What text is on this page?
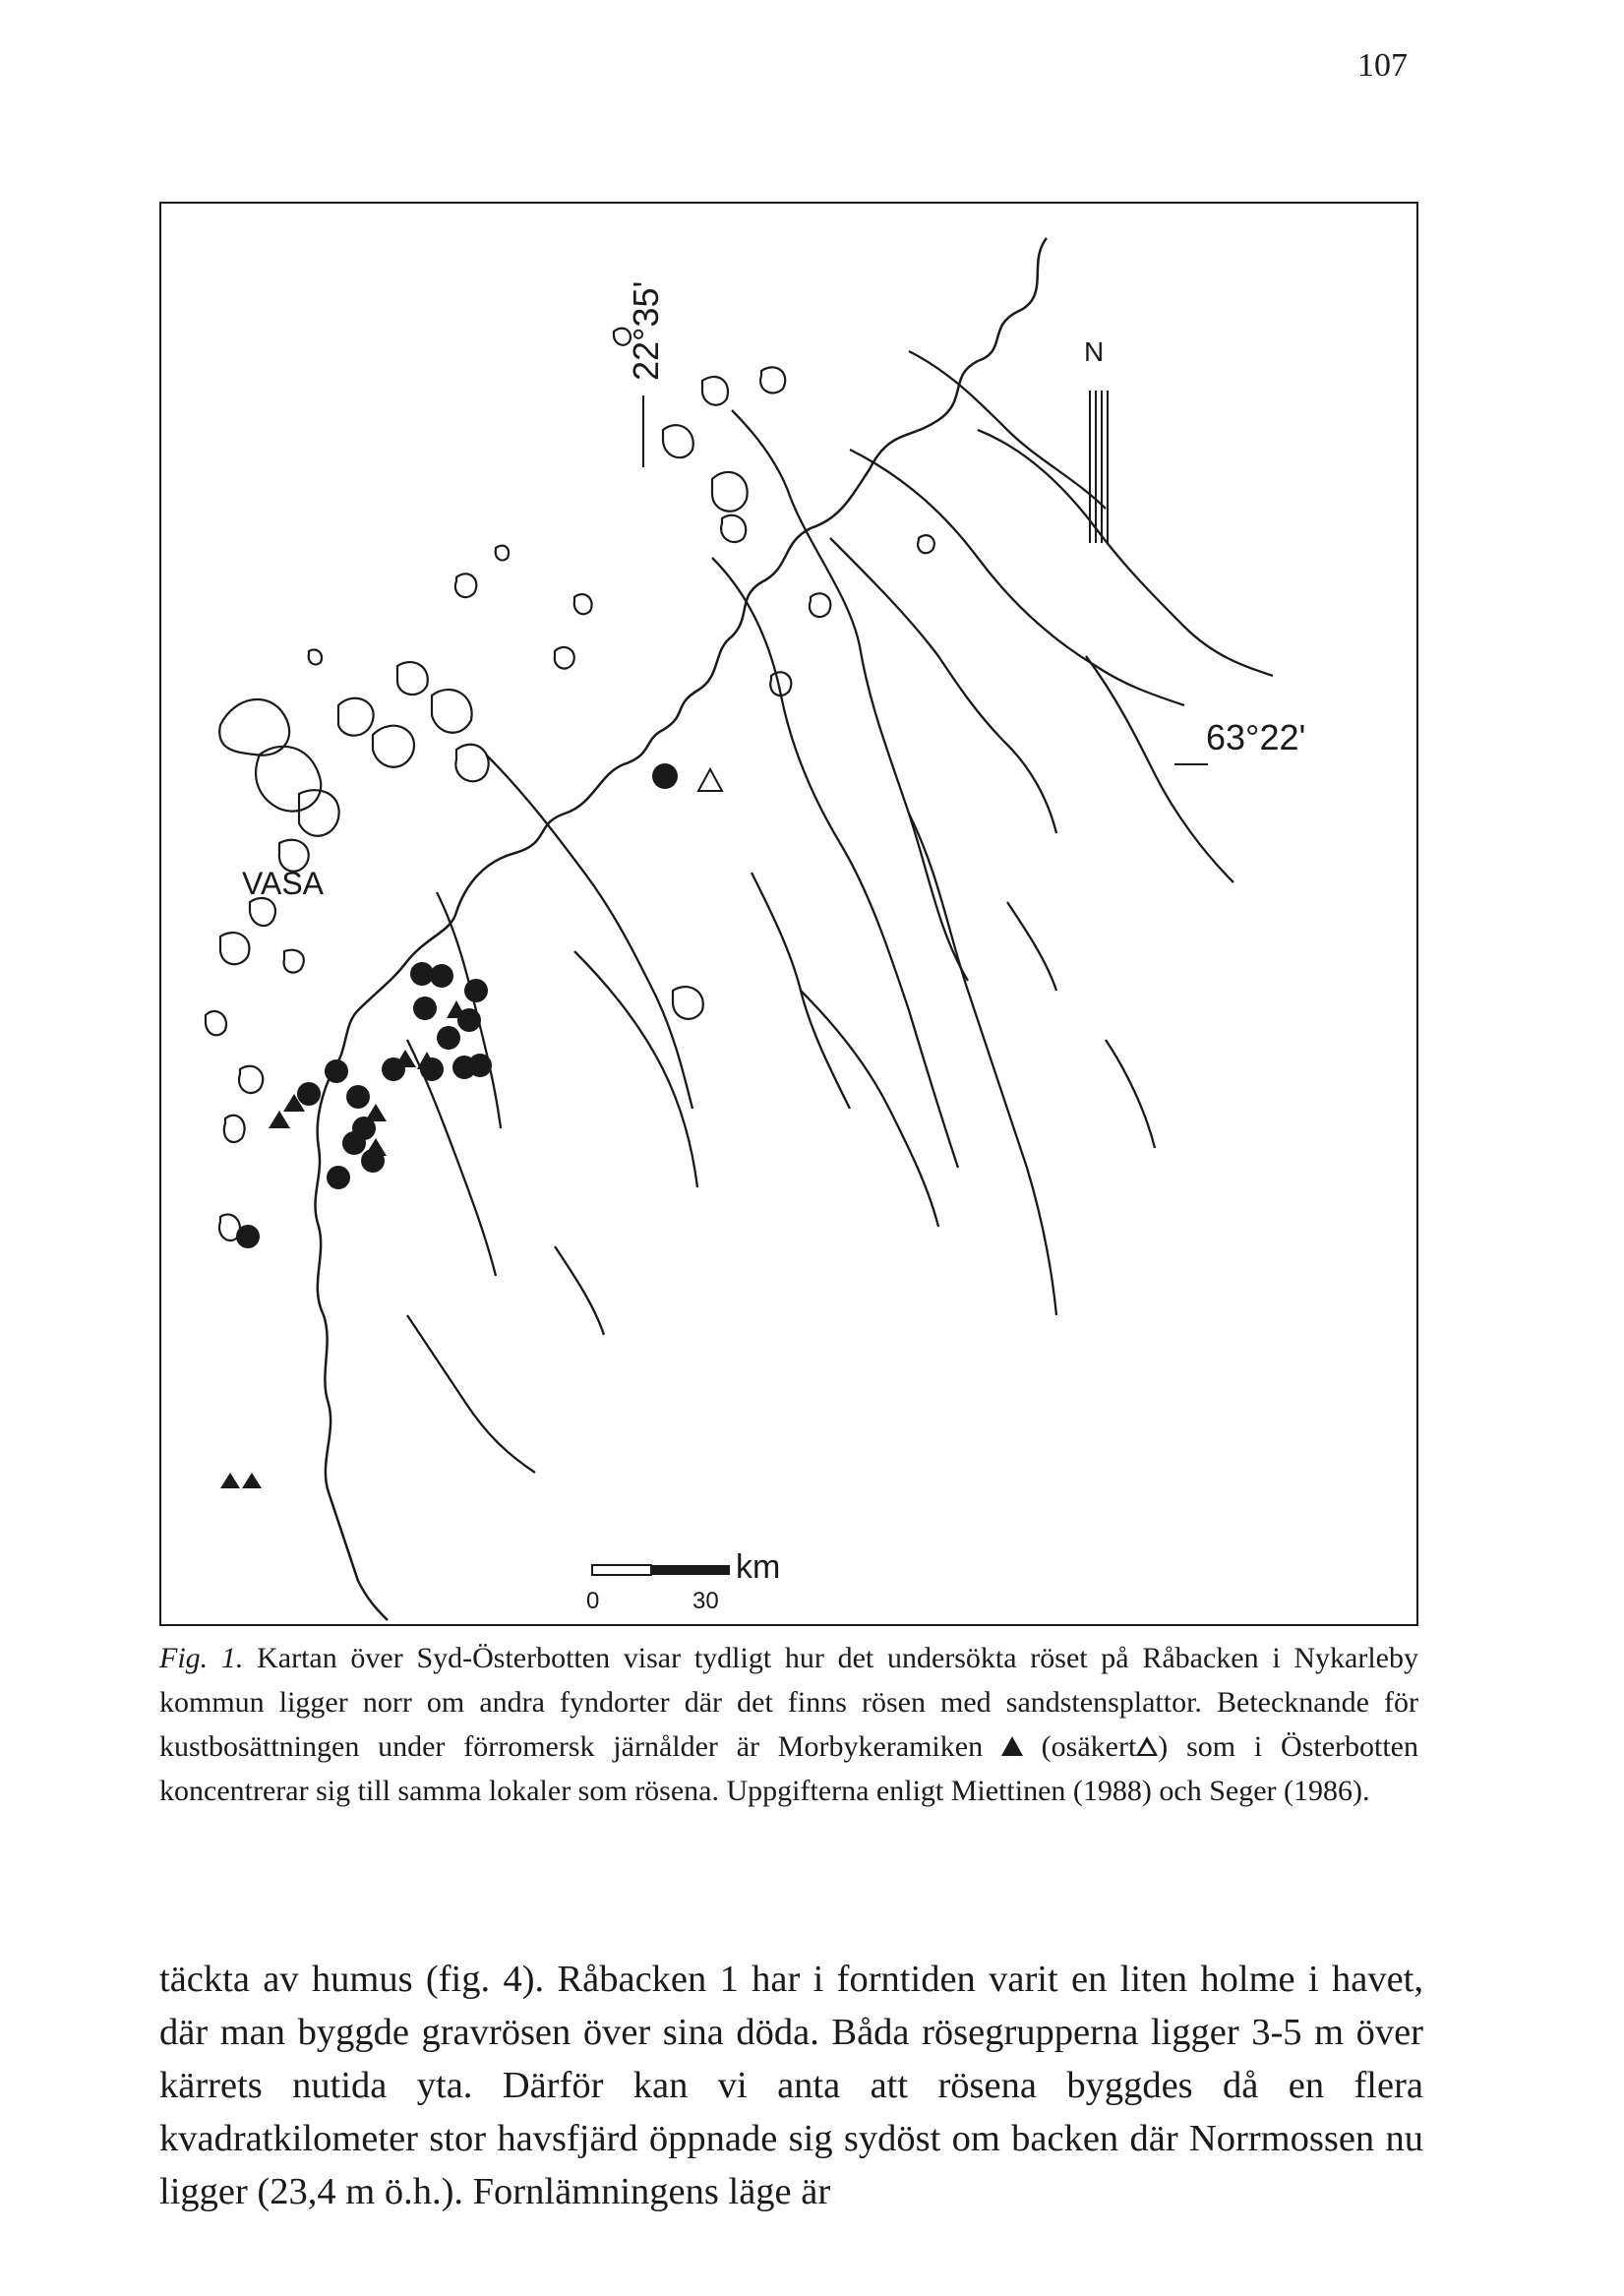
107
22°35'
63°22'
N
VASA
km
0	30
Fig. 1. Kartan över Syd-Österbotten visar tydligt hur det undersökta röset på Råbacken i Nykarleby kommun ligger norr om andra fyndorter där det finns rösen med sandstensplattor. Betecknande för kustbosättningen under förromersk järnålder är Morbykeramiken (osäkert ) som i Österbotten koncentrerar sig till samma lokaler som rösena. Uppgifterna enligt Miettinen (1988) och Seger (1986).
täckta av humus (fig. 4). Råbacken 1 har i forntiden varit en liten holme i havet, där man byggde gravrösen över sina döda. Båda rösegrupperna ligger 3-5 m över kärrets nutida yta. Därför kan vi anta att rösena byggdes då en flera kvadratkilometer stor havsfjärd öppnade sig sydöst om backen där Norrmossen nu ligger (23,4 m ö.h.). Fornlämningens läge är
